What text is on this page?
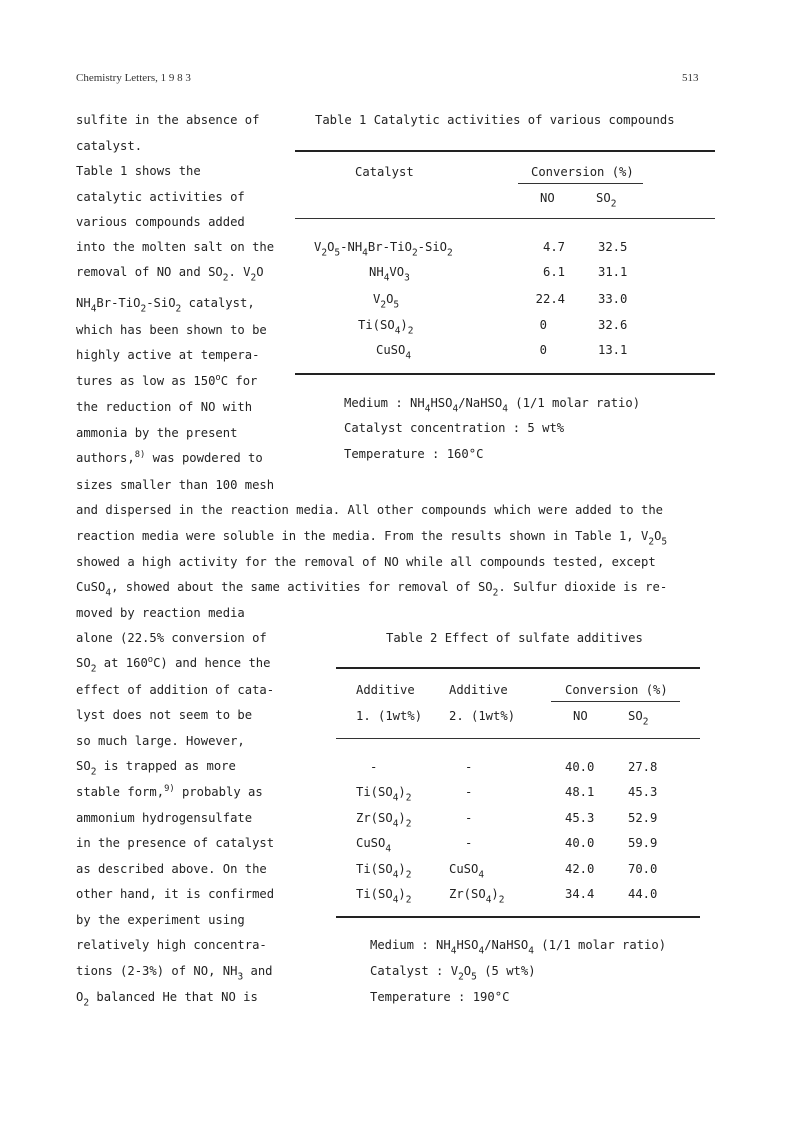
Chemistry Letters, 1 9 8 3	513
sulfite in the absence of
catalyst.
Table 1 shows the
catalytic activities of
various compounds added
into the molten salt on the
removal of NO and $SO_2$. $V_2O$
$NH_4Br-TiO_2-SiO_2$ catalyst,
which has been shown to be
highly active at tempera-
tures as low as 150$^o$C for
the reduction of NO with
ammonia by the present
authors,$^{8)}$ was powdered to
sizes smaller than 100 mesh
Table 1 Catalytic activities of various compounds
Catalyst	Conversion (%)
NO	$SO_2$
$V_2O_5-NH_4Br-TiO_2-SiO_2$	4.7	32.5
$NH_4VO_3$	6.1	31.1
$V_2O_5$	22.4	33.0
$Ti(SO_4)_2$	0	32.6
CuSO$_4$	0	13.1
Medium : $NH_4HSO_4/NaHSO_4$ (1/1 molar ratio)
Catalyst concentration : 5 wt%
Temperature : 160°C
and dispersed in the reaction media. All other compounds which were added to the
reaction media were soluble in the media. From the results shown in Table 1, $V_2O_5$
showed a high activity for the removal of NO while all compounds tested, except
CuSO$_4$, showed about the same activities for removal of $SO_2$. Sulfur dioxide is re-
moved by reaction media
alone (22.5% conversion of
$SO_2$ at 160$^o$C) and hence the
effect of addition of cata-
lyst does not seem to be
so much large. However,
$SO_2$ is trapped as more
stable form,$^{9)}$ probably as
ammonium hydrogensulfate
in the presence of catalyst
as described above. On the
other hand, it is confirmed
by the experiment using
relatively high concentra-
tions (2-3%) of NO, $NH_3$ and
$O_2$ balanced He that NO is
Table 2 Effect of sulfate additives
Additive
1. (1wt%)
Additive
2. (1wt%)
Conversion (%)
NO	$SO_2$
-	-	40.0	27.8
$Ti(SO_4)_2$	-	48.1	45.3
$Zr(SO_4)_2$	-	45.3	52.9
CuSO$_4$	-	40.0	59.9
$Ti(SO_4)_2$	CuSO$_4$	42.0	70.0
$Ti(SO_4)_2$	$Zr(SO_4)_2$	34.4	44.0
Medium : $NH_4HSO_4/NaHSO_4$ (1/1 molar ratio)
Catalyst : $V_2O_5$ (5 wt%)
Temperature : 190°C
